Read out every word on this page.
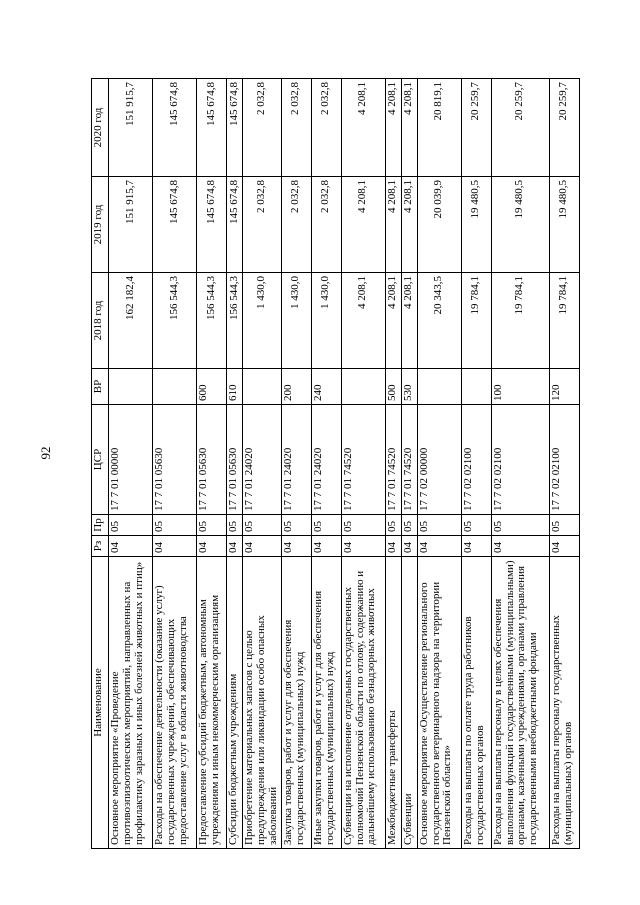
92
Наименование	Рз	Пр	ЦСР	ВР	2018 год	2019 год	2020 год
Основное мероприятие «Проведение противоэпизоотических мероприятий, направленных на профилактику заразных и иных болезней животных и птиц»	04	05	17 7 01 00000		162 182,4	151 915,7	151 915,7
Расходы на обеспечение деятельности (оказание услуг) государственных учреждений, обеспечивающих предоставление услуг в области животноводства	04	05	17 7 01 05630		156 544,3	145 674,8	145 674,8
Предоставление субсидий бюджетным, автономным учреждениям и иным некоммерческим организациям	04	05	17 7 01 05630	600	156 544,3	145 674,8	145 674,8
Субсидии бюджетным учреждениям	04	05	17 7 01 05630	610	156 544,3	145 674,8	145 674,8
Приобретение материальных запасов с целью предупреждения или ликвидации особо опасных заболеваний	04	05	17 7 01 24020		1 430,0	2 032,8	2 032,8
Закупка товаров, работ и услуг для обеспечения государственных (муниципальных) нужд	04	05	17 7 01 24020	200	1 430,0	2 032,8	2 032,8
Иные закупки товаров, работ и услуг для обеспечения государственных (муниципальных) нужд	04	05	17 7 01 24020	240	1 430,0	2 032,8	2 032,8
Субвенции на исполнение отдельных государственных полномочий Пензенской области по отлову, содержанию и дальнейшему использованию безнадзорных животных	04	05	17 7 01 74520		4 208,1	4 208,1	4 208,1
Межбюджетные трансферты	04	05	17 7 01 74520	500	4 208,1	4 208,1	4 208,1
Субвенции	04	05	17 7 01 74520	530	4 208,1	4 208,1	4 208,1
Основное мероприятие «Осуществление регионального государственного ветеринарного надзора на территории Пензенской области»	04	05	17 7 02 00000		20 343,5	20 039,9	20 819,1
Расходы на выплаты по оплате труда работников государственных органов	04	05	17 7 02 02100		19 784,1	19 480,5	20 259,7
Расходы на выплаты персоналу в целях обеспечения выполнения функций государственными (муниципальными) органами, казенными учреждениями, органами управления государственными внебюджетными фондами	04	05	17 7 02 02100	100	19 784,1	19 480,5	20 259,7
Расходы на выплаты персоналу государственных (муниципальных) органов	04	05	17 7 02 02100	120	19 784,1	19 480,5	20 259,7
